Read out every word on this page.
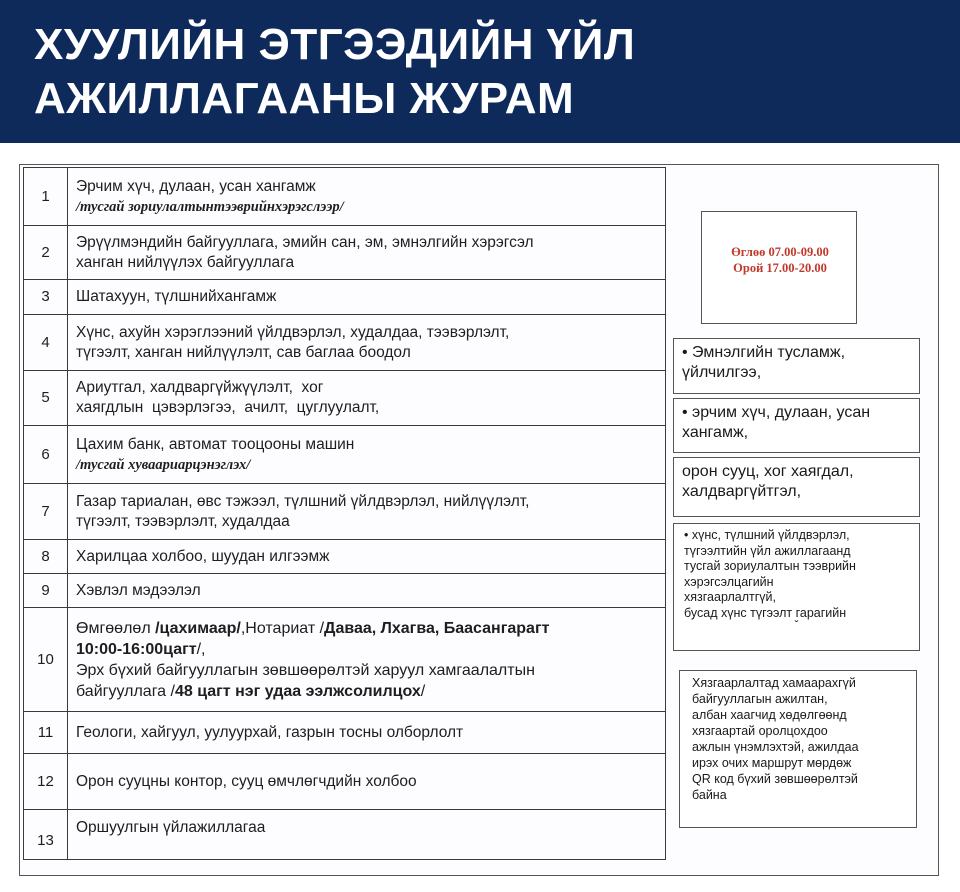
ХУУЛИЙН ЭТГЭЭДИЙН ҮЙЛ
АЖИЛЛАГААНЫ ЖУРАМ
1	Эрчим хүч, дулаан, усан хангамж
/тусгай зориулалтынтээврийнхэрэгслээр/

2	Эрүүлмэндийн байгууллага, эмийн сан, эм, эмнэлгийн хэрэгсэл
ханган нийлүүлэх байгууллага

3	Шатахуун, түлшнийхангамж

4	Хүнс, ахуйн хэрэглээний үйлдвэрлэл, худалдаа, тээвэрлэлт,
түгээлт, ханган нийлүүлэлт, сав баглаа боодол

5	Ариутгал, халдваргүйжүүлэлт,  хог
хаягдлын  цэвэрлэгээ,  ачилт,  цуглуулалт,

6	Цахим банк, автомат тооцооны машин
/тусгай хуваариарцэнэглэх/

7	Газар тариалан, өвс тэжээл, түлшний үйлдвэрлэл, нийлүүлэлт,
түгээлт, тээвэрлэлт, худалдаа

8	Харилцаа холбоо, шуудан илгээмж

9	Хэвлэл мэдээлэл

10	Өмгөөлөл /цахимаар/,Нотариат /Даваа, Лхагва, Баасангарагт
10:00-16:00цагт/,
Эрх бүхий байгууллагын зөвшөөрөлтэй харуул хамгаалалтын
байгууллага /48 цагт нэг удаа ээлжсолилцох/

11	Геологи, хайгуул, уулуурхай, газрын тосны олборлолт

12	Орон сууцны контор, сууц өмчлөгчдийн холбоо

13	Оршуулгын үйлажиллагаа
Өглөө 07.00-09.00
Орой 17.00-20.00
• Эмнэлгийн тусламж,
үйлчилгээ,
• эрчим хүч, дулаан, усан
хангамж,
орон сууц, хог хаягдал,
халдваргүйтгэл,
• хүнс, түлшний үйлдвэрлэл,
түгээлтийн үйл ажиллагаанд
тусгай зориулалтын тээврийн
хэрэгсэлцагийн
хязгаарлалтгүй,
бусад хүнс түгээлт гарагийн
ˇ
Хязгаарлалтад хамаарахгүй
байгууллагын ажилтан,
албан хаагчид хөдөлгөөнд
хязгаартай оролцохдоо
ажлын үнэмлэхтэй, ажилдаа
ирэх очих маршрут мөрдөж
QR код бүхий зөвшөөрөлтэй
байна
